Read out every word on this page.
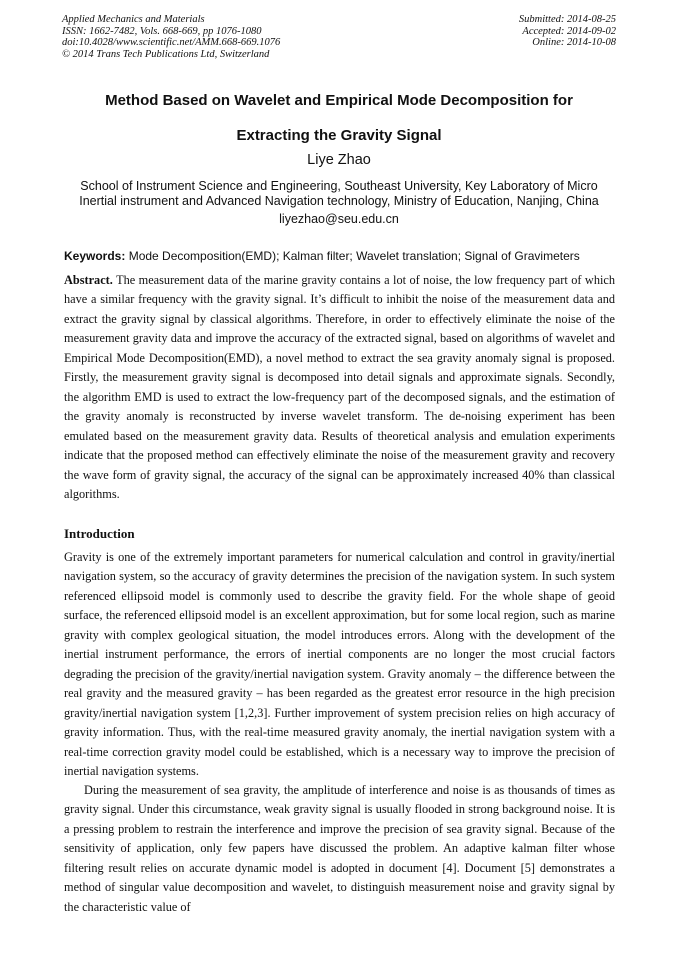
Applied Mechanics and Materials
ISSN: 1662-7482, Vols. 668-669, pp 1076-1080
doi:10.4028/www.scientific.net/AMM.668-669.1076
© 2014 Trans Tech Publications Ltd, Switzerland
Submitted: 2014-08-25
Accepted: 2014-09-02
Online: 2014-10-08
Method Based on Wavelet and Empirical Mode Decomposition for
Extracting the Gravity Signal
Liye Zhao
School of Instrument Science and Engineering, Southeast University, Key Laboratory of Micro
Inertial instrument and Advanced Navigation technology, Ministry of Education, Nanjing, China
liyezhao@seu.edu.cn
Keywords: Mode Decomposition(EMD); Kalman filter; Wavelet translation; Signal of Gravimeters

Abstract. The measurement data of the marine gravity contains a lot of noise, the low frequency part of which have a similar frequency with the gravity signal. It’s difficult to inhibit the noise of the measurement data and extract the gravity signal by classical algorithms. Therefore, in order to effectively eliminate the noise of the measurement gravity data and improve the accuracy of the extracted signal, based on algorithms of wavelet and Empirical Mode Decomposition(EMD), a novel method to extract the sea gravity anomaly signal is proposed. Firstly, the measurement gravity signal is decomposed into detail signals and approximate signals. Secondly, the algorithm EMD is used to extract the low-frequency part of the decomposed signals, and the estimation of the gravity anomaly is reconstructed by inverse wavelet transform. The de-noising experiment has been emulated based on the measurement gravity data. Results of theoretical analysis and emulation experiments indicate that the proposed method can effectively eliminate the noise of the measurement gravity and recovery the wave form of gravity signal, the accuracy of the signal can be approximately increased 40% than classical algorithms.

Introduction

Gravity is one of the extremely important parameters for numerical calculation and control in gravity/inertial navigation system, so the accuracy of gravity determines the precision of the navigation system. In such system referenced ellipsoid model is commonly used to describe the gravity field. For the whole shape of geoid surface, the referenced ellipsoid model is an excellent approximation, but for some local region, such as marine gravity with complex geological situation, the model introduces errors. Along with the development of the inertial instrument performance, the errors of inertial components are no longer the most crucial factors degrading the precision of the gravity/inertial navigation system. Gravity anomaly – the difference between the real gravity and the measured gravity – has been regarded as the greatest error resource in the high precision gravity/inertial navigation system [1,2,3]. Further improvement of system precision relies on high accuracy of gravity information. Thus, with the real-time measured gravity anomaly, the inertial navigation system with a real-time correction gravity model could be established, which is a necessary way to improve the precision of inertial navigation systems.

During the measurement of sea gravity, the amplitude of interference and noise is as thousands of times as gravity signal. Under this circumstance, weak gravity signal is usually flooded in strong background noise. It is a pressing problem to restrain the interference and improve the precision of sea gravity signal. Because of the sensitivity of application, only few papers have discussed the problem. An adaptive kalman filter whose filtering result relies on accurate dynamic model is adopted in document [4]. Document [5] demonstrates a method of singular value decomposition and wavelet, to distinguish measurement noise and gravity signal by the characteristic value of
